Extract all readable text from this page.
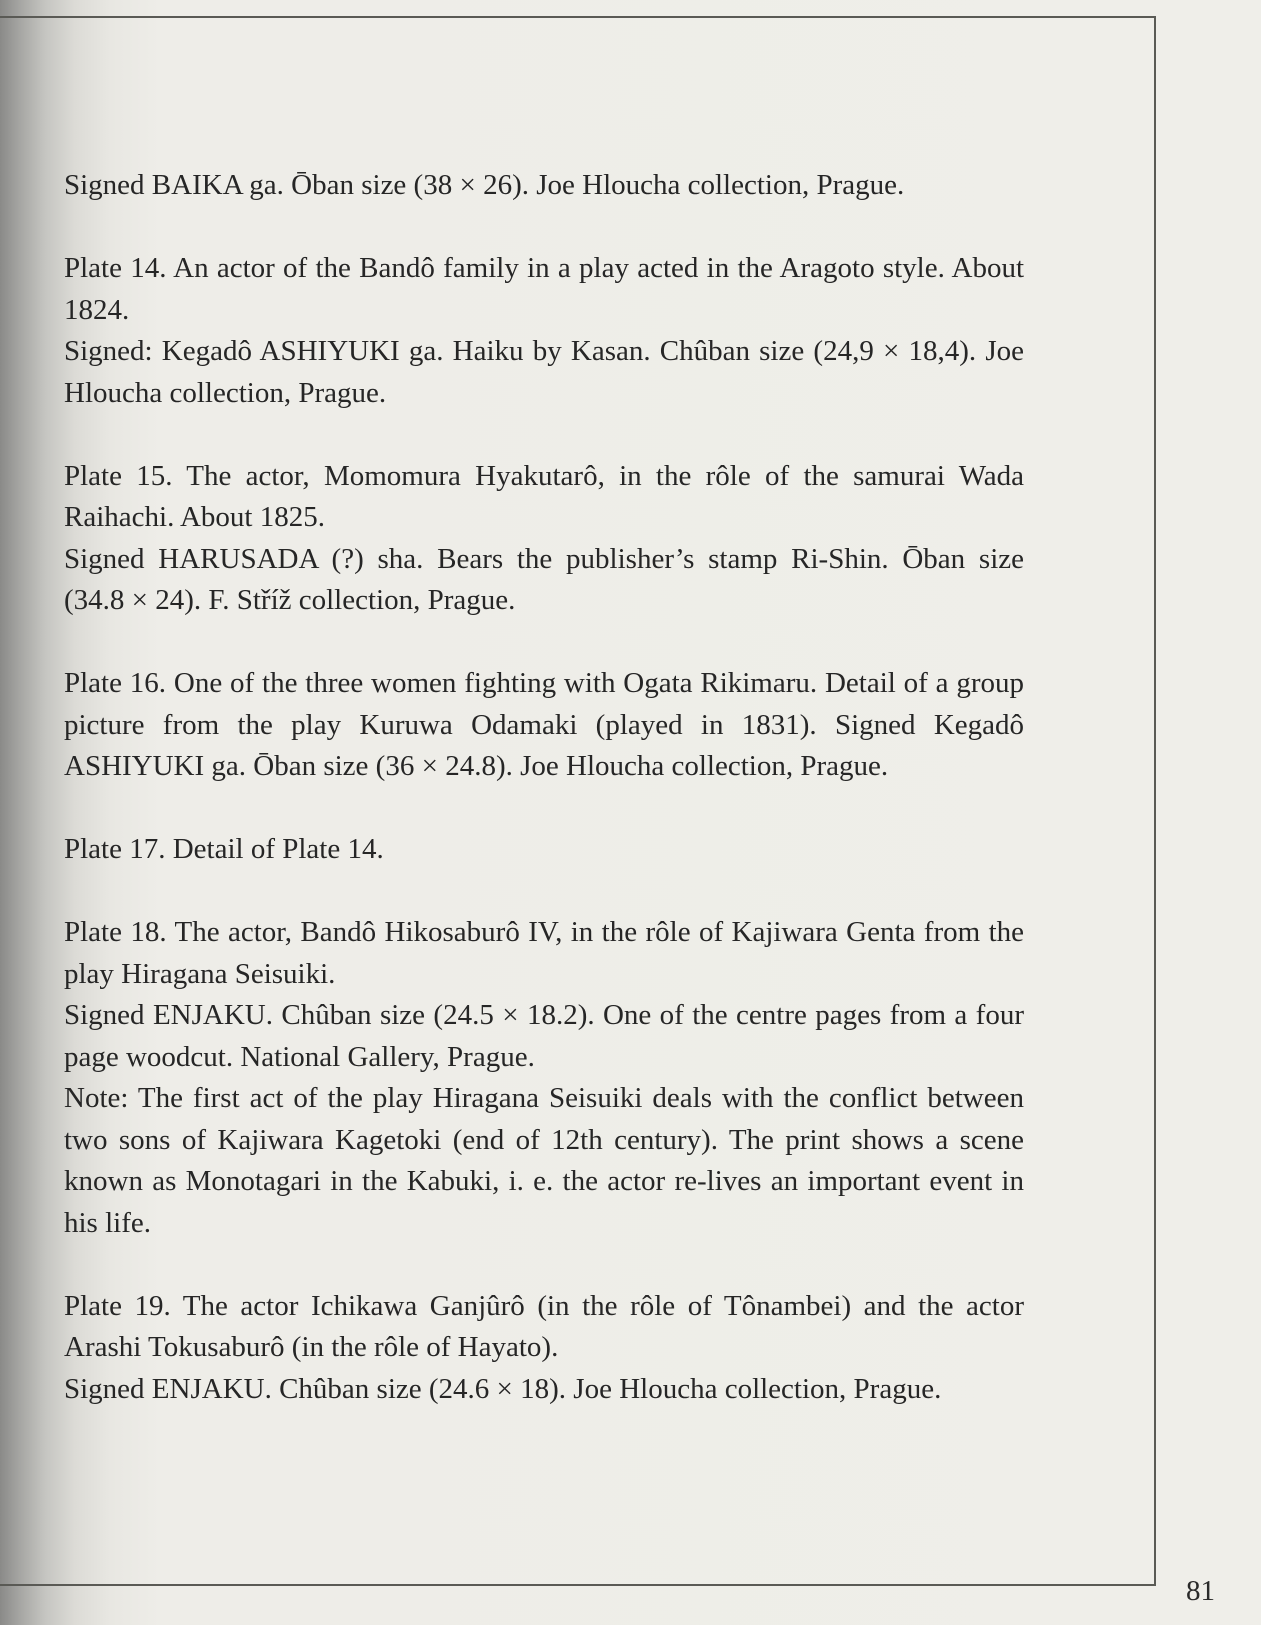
Signed BAIKA ga. Ōban size (38 × 26). Joe Hloucha collection, Prague.

Plate 14. An actor of the Bandô family in a play acted in the Aragoto style. About 1824.

Signed: Kegadô ASHIYUKI ga. Haiku by Kasan. Chûban size (24,9 × 18,4). Joe Hloucha collection, Prague.

Plate 15. The actor, Momomura Hyakutarô, in the rôle of the samurai Wada Raihachi. About 1825.

Signed HARUSADA (?) sha. Bears the publisher’s stamp Ri-Shin. Ōban size (34.8 × 24). F. Stříž collection, Prague.

Plate 16. One of the three women fighting with Ogata Rikimaru. Detail of a group picture from the play Kuruwa Odamaki (played in 1831). Signed Kegadô ASHIYUKI ga. Ōban size (36 × 24.8). Joe Hloucha collection, Prague.

Plate 17. Detail of Plate 14.

Plate 18. The actor, Bandô Hikosaburô IV, in the rôle of Kajiwara Genta from the play Hiragana Seisuiki.

Signed ENJAKU. Chûban size (24.5 × 18.2). One of the centre pages from a four page woodcut. National Gallery, Prague.

Note: The first act of the play Hiragana Seisuiki deals with the conflict between two sons of Kajiwara Kagetoki (end of 12th century). The print shows a scene known as Monotagari in the Kabuki, i. e. the actor re-lives an important event in his life.

Plate 19. The actor Ichikawa Ganjûrô (in the rôle of Tônambei) and the actor Arashi Tokusaburô (in the rôle of Hayato).

Signed ENJAKU. Chûban size (24.6 × 18). Joe Hloucha collection, Prague.

81
